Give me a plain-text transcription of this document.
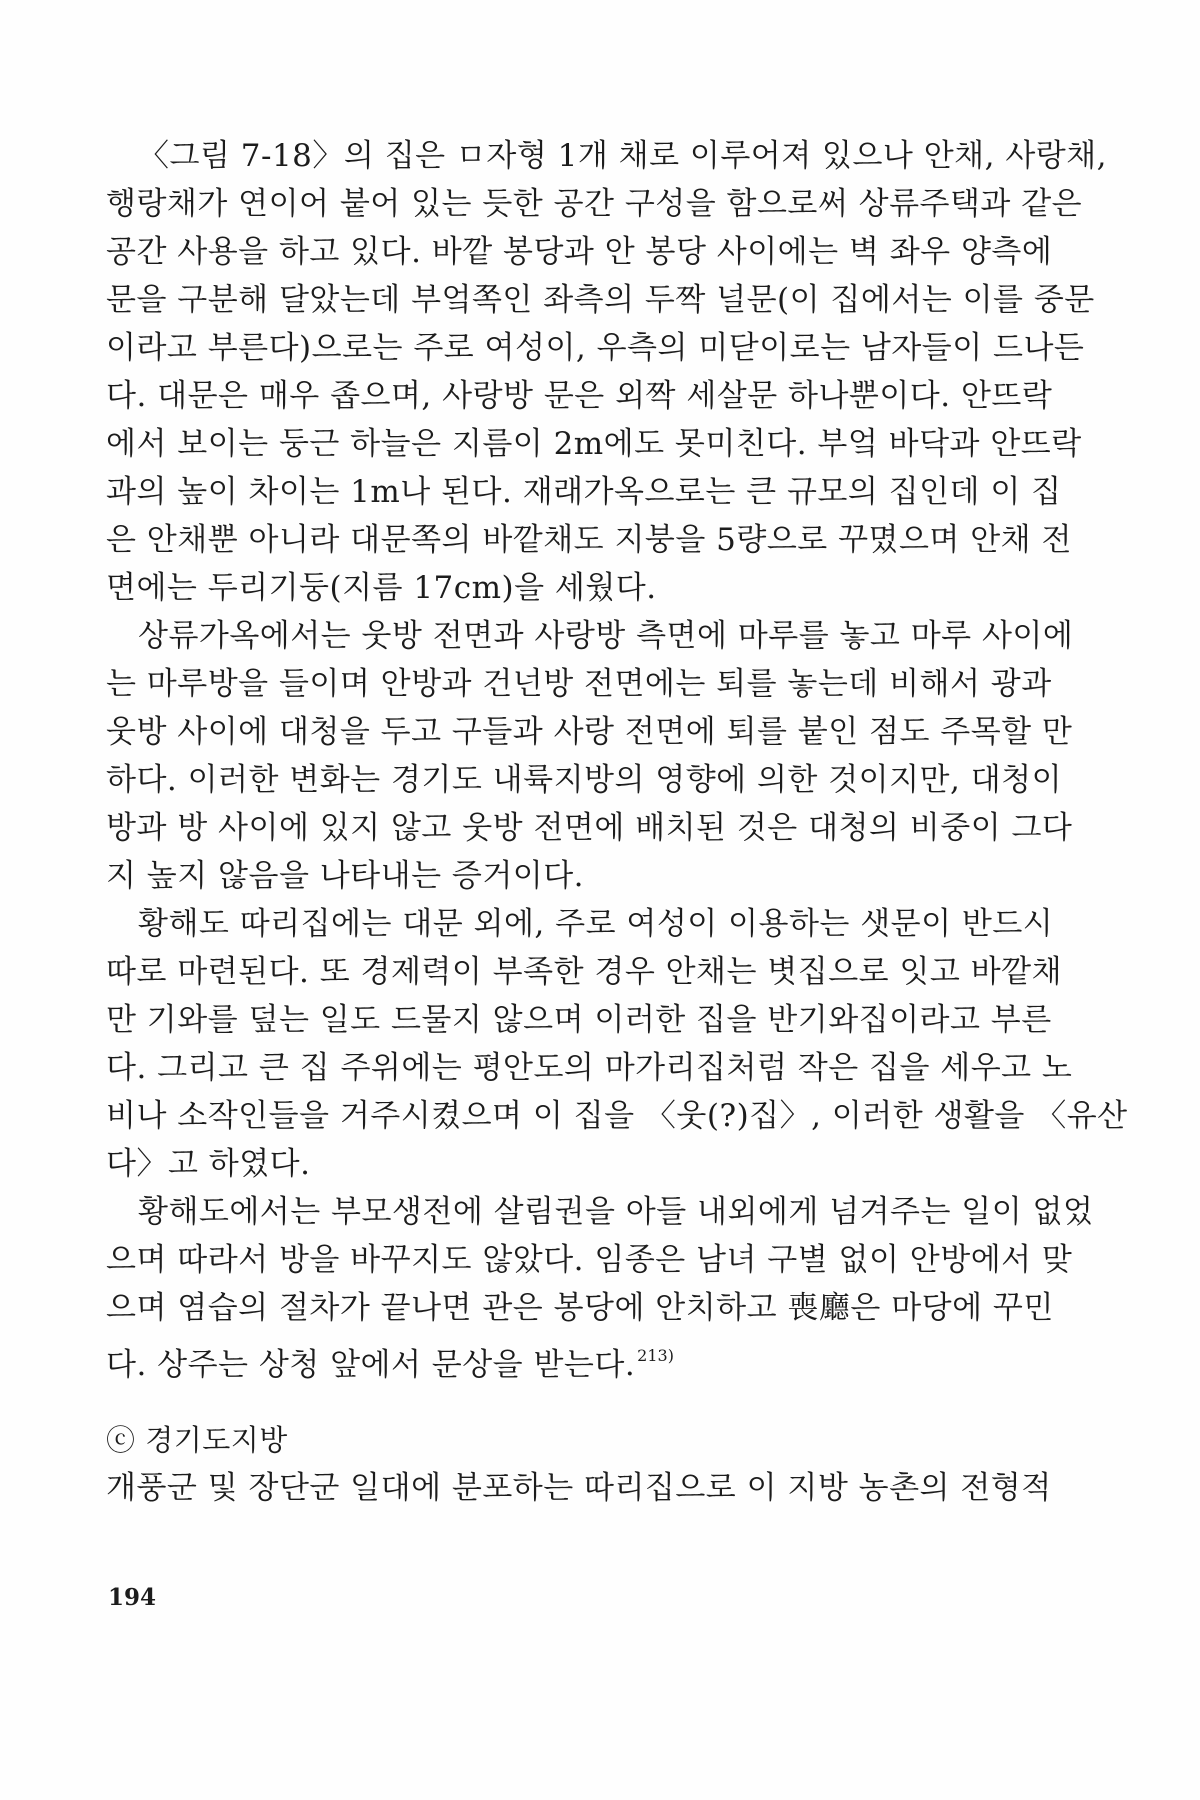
〈그림 7-18〉의 집은 ㅁ자형 1개 채로 이루어져 있으나 안채, 사랑채,
행랑채가 연이어 붙어 있는 듯한 공간 구성을 함으로써 상류주택과 같은
공간 사용을 하고 있다. 바깥 봉당과 안 봉당 사이에는 벽 좌우 양측에
문을 구분해 달았는데 부엌쪽인 좌측의 두짝 널문(이 집에서는 이를 중문
이라고 부른다)으로는 주로 여성이, 우측의 미닫이로는 남자들이 드나든
다. 대문은 매우 좁으며, 사랑방 문은 외짝 세살문 하나뿐이다. 안뜨락
에서 보이는 둥근 하늘은 지름이 2m에도 못미친다. 부엌 바닥과 안뜨락
과의 높이 차이는 1m나 된다. 재래가옥으로는 큰 규모의 집인데 이 집
은 안채뿐 아니라 대문쪽의 바깥채도 지붕을 5량으로 꾸몄으며 안채 전
면에는 두리기둥(지름 17cm)을 세웠다.
상류가옥에서는 웃방 전면과 사랑방 측면에 마루를 놓고 마루 사이에
는 마루방을 들이며 안방과 건넌방 전면에는 퇴를 놓는데 비해서 광과
웃방 사이에 대청을 두고 구들과 사랑 전면에 퇴를 붙인 점도 주목할 만
하다. 이러한 변화는 경기도 내륙지방의 영향에 의한 것이지만, 대청이
방과 방 사이에 있지 않고 웃방 전면에 배치된 것은 대청의 비중이 그다
지 높지 않음을 나타내는 증거이다.
황해도 따리집에는 대문 외에, 주로 여성이 이용하는 샛문이 반드시
따로 마련된다. 또 경제력이 부족한 경우 안채는 볏집으로 잇고 바깥채
만 기와를 덮는 일도 드물지 않으며 이러한 집을 반기와집이라고 부른
다. 그리고 큰 집 주위에는 평안도의 마가리집처럼 작은 집을 세우고 노
비나 소작인들을 거주시켰으며 이 집을 〈웃(?)집〉, 이러한 생활을 〈유산
다〉고 하였다.
황해도에서는 부모생전에 살림권을 아들 내외에게 넘겨주는 일이 없었
으며 따라서 방을 바꾸지도 않았다. 임종은 남녀 구별 없이 안방에서 맞
으며 염습의 절차가 끝나면 관은 봉당에 안치하고 喪廳은 마당에 꾸민
다. 상주는 상청 앞에서 문상을 받는다. $^{213)}$
ⓒ 경기도지방
개풍군 및 장단군 일대에 분포하는 따리집으로 이 지방 농촌의 전형적
194
